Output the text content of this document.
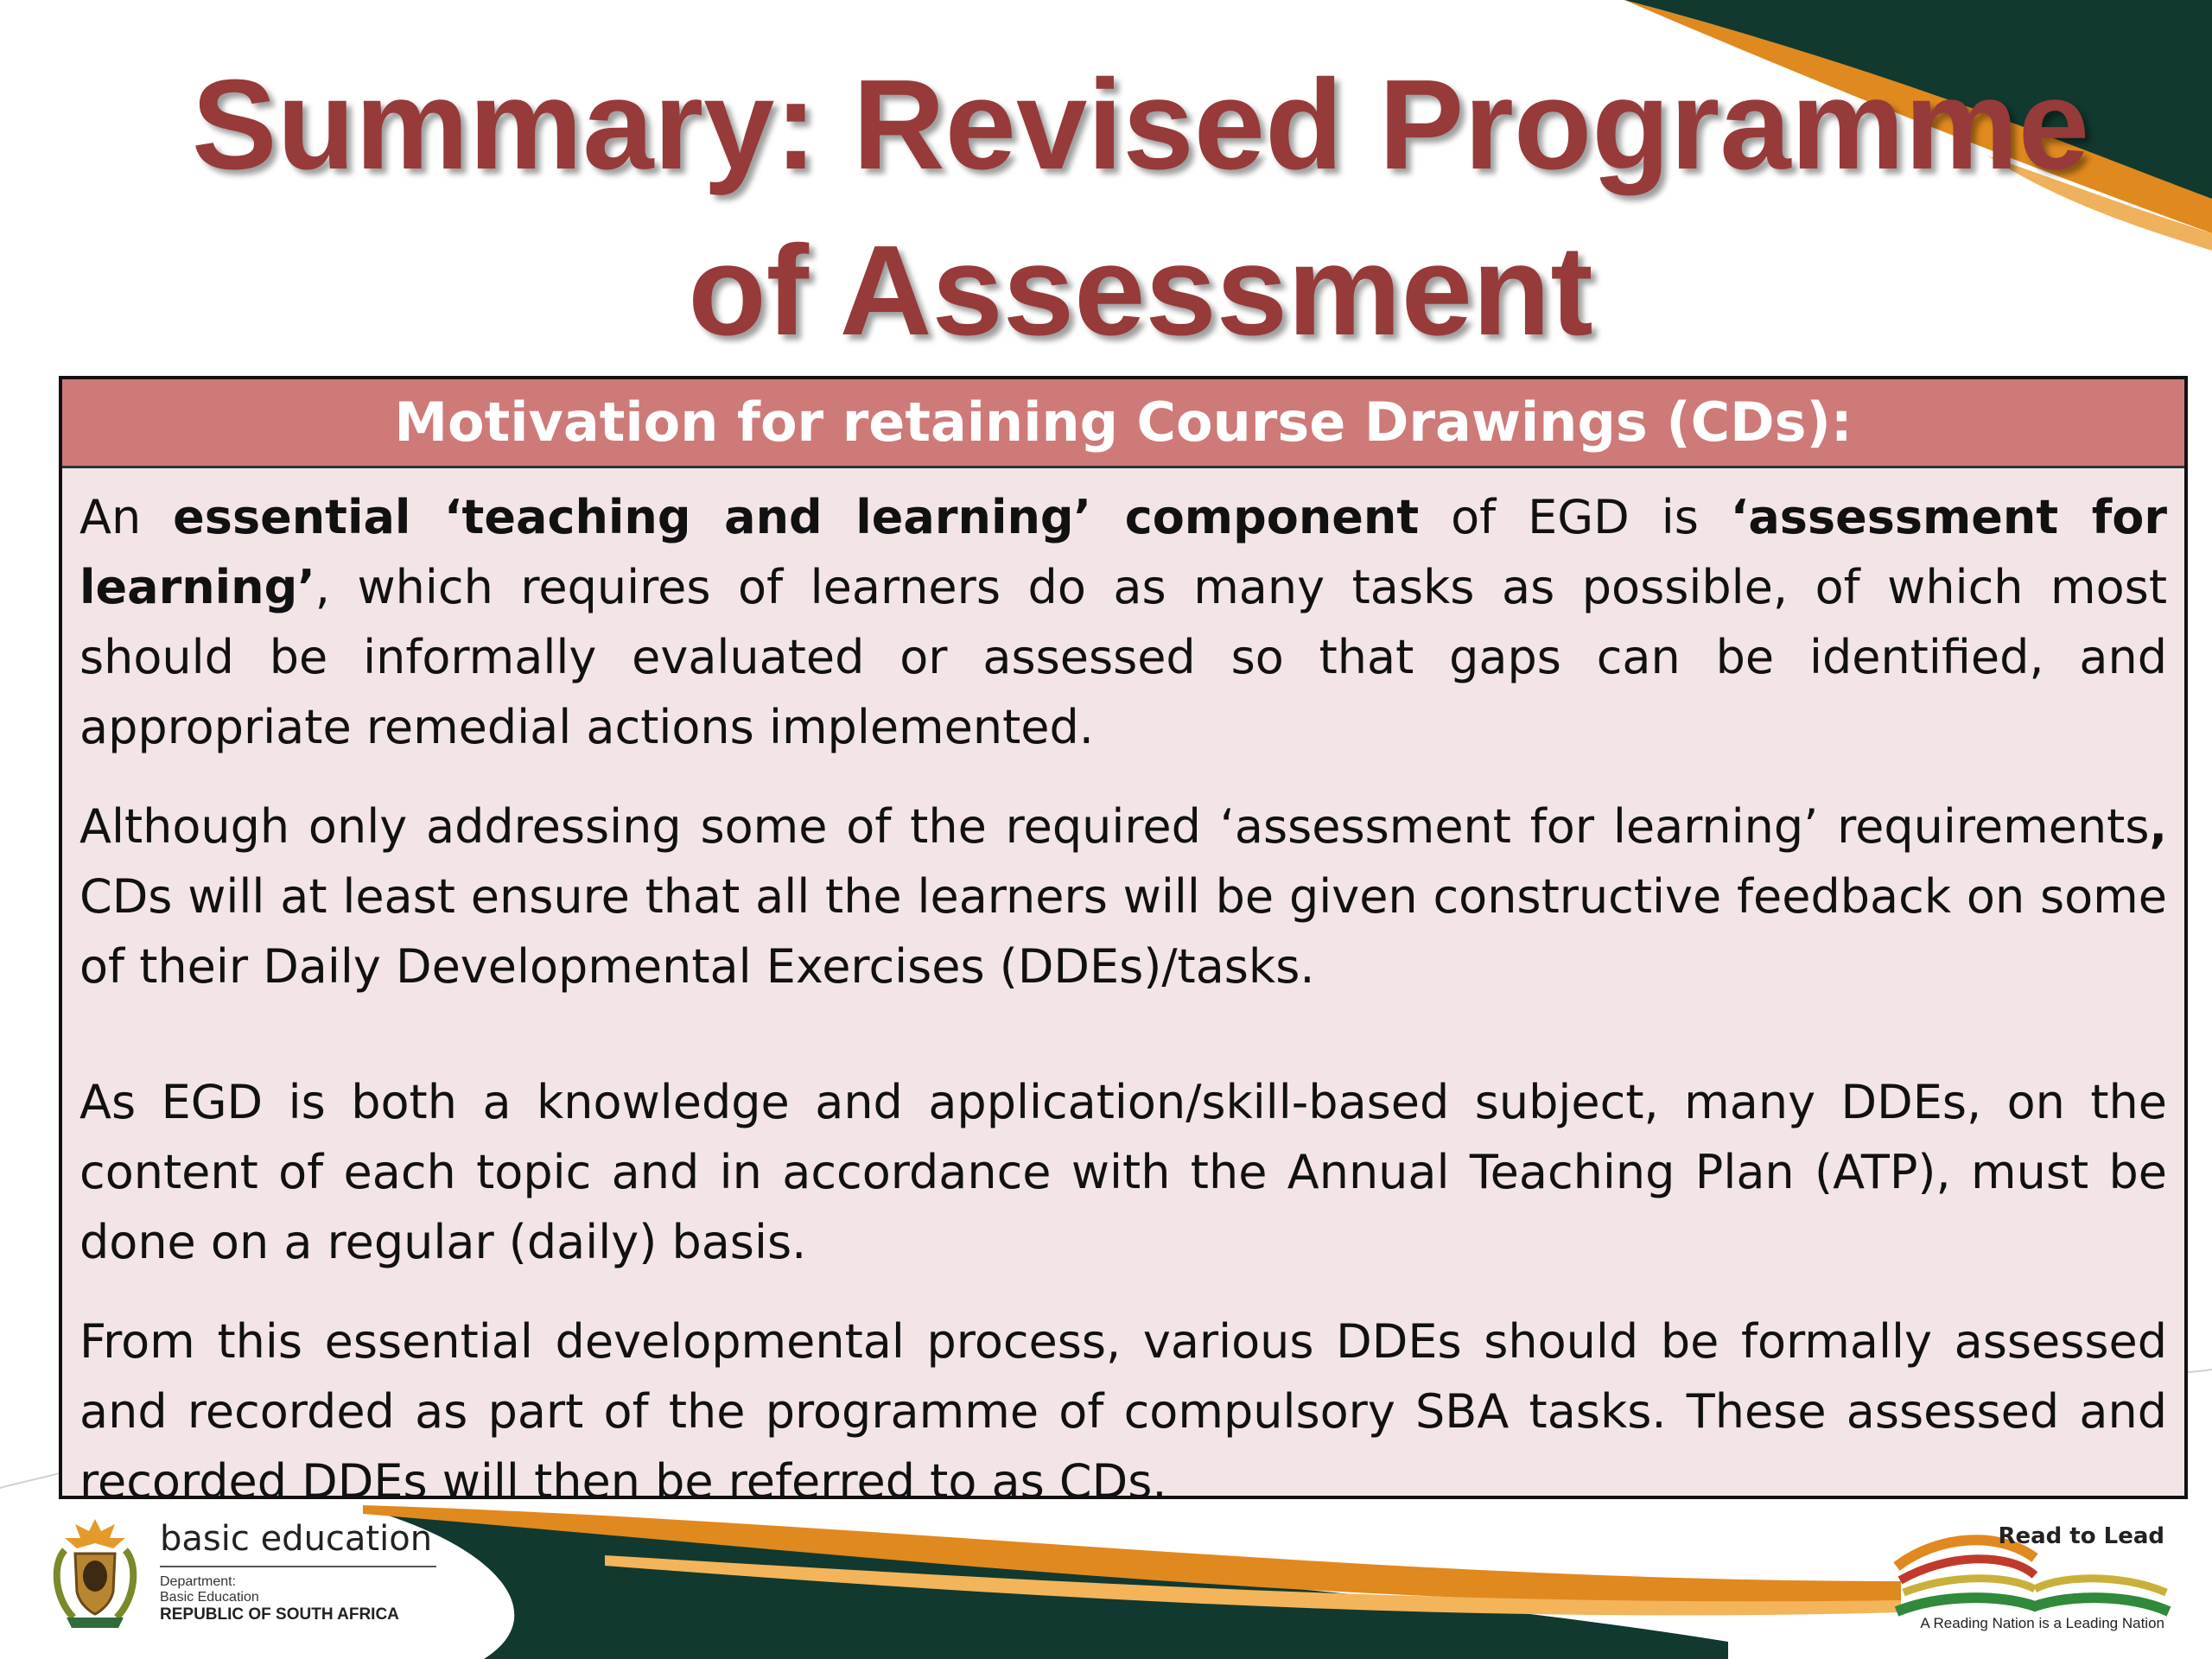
Summary: Revised Programme
of Assessment
Motivation for retaining Course Drawings (CDs):

An essential ‘teaching and learning’ component of EGD is ‘assessment for learning’, which requires of learners do as many tasks as possible, of which most should be informally evaluated or assessed so that gaps can be identified, and appropriate remedial actions implemented.

Although only addressing some of the required ‘assessment for learning’ requirements, CDs will at least ensure that all the learners will be given constructive feedback on some of their Daily Developmental Exercises (DDEs)/tasks.

As EGD is both a knowledge and application/skill-based subject, many DDEs, on the content of each topic and in accordance with the Annual Teaching Plan (ATP), must be done on a regular (daily) basis.

From this essential developmental process, various DDEs should be formally assessed and recorded as part of the programme of compulsory SBA tasks. These assessed and recorded DDEs will then be referred to as CDs.

basic education
Department:
Basic Education
REPUBLIC OF SOUTH AFRICA
Read to Lead
A Reading Nation is a Leading Nation
